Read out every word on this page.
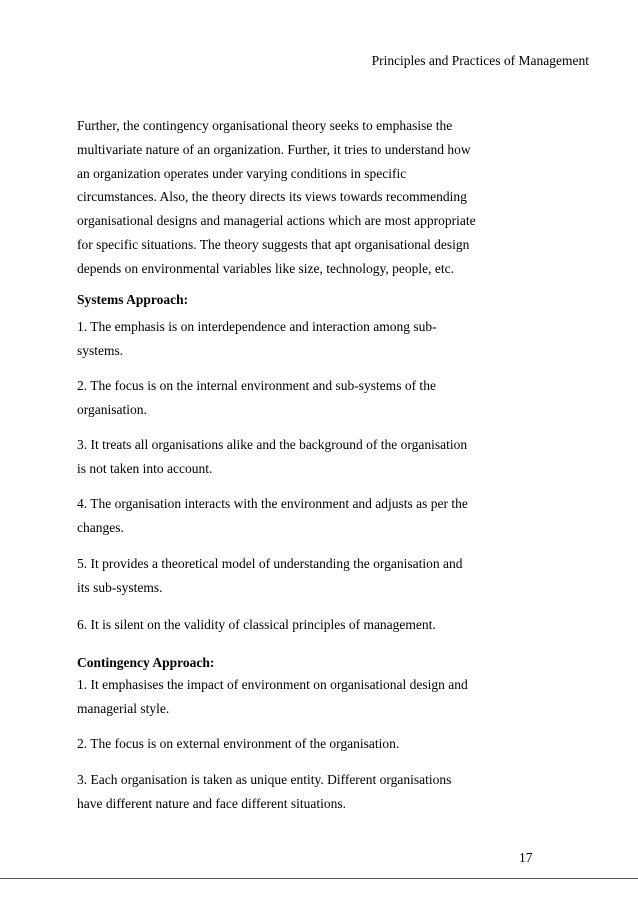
Principles and Practices of Management
Further, the contingency organisational theory seeks to emphasise the
multivariate nature of an organization. Further, it tries to understand how
an organization operates under varying conditions in specific
circumstances. Also, the theory directs its views towards recommending
organisational designs and managerial actions which are most appropriate
for specific situations. The theory suggests that apt organisational design
depends on environmental variables like size, technology, people, etc.
Systems Approach:
1. The emphasis is on interdependence and interaction among sub-
systems.
2. The focus is on the internal environment and sub-systems of the
organisation.
3. It treats all organisations alike and the background of the organisation
is not taken into account.
4. The organisation interacts with the environment and adjusts as per the
changes.
5. It provides a theoretical model of understanding the organisation and
its sub-systems.
6. It is silent on the validity of classical principles of management.
Contingency Approach:
1. It emphasises the impact of environment on organisational design and
managerial style.
2. The focus is on external environment of the organisation.
3. Each organisation is taken as unique entity. Different organisations
have different nature and face different situations.
17
